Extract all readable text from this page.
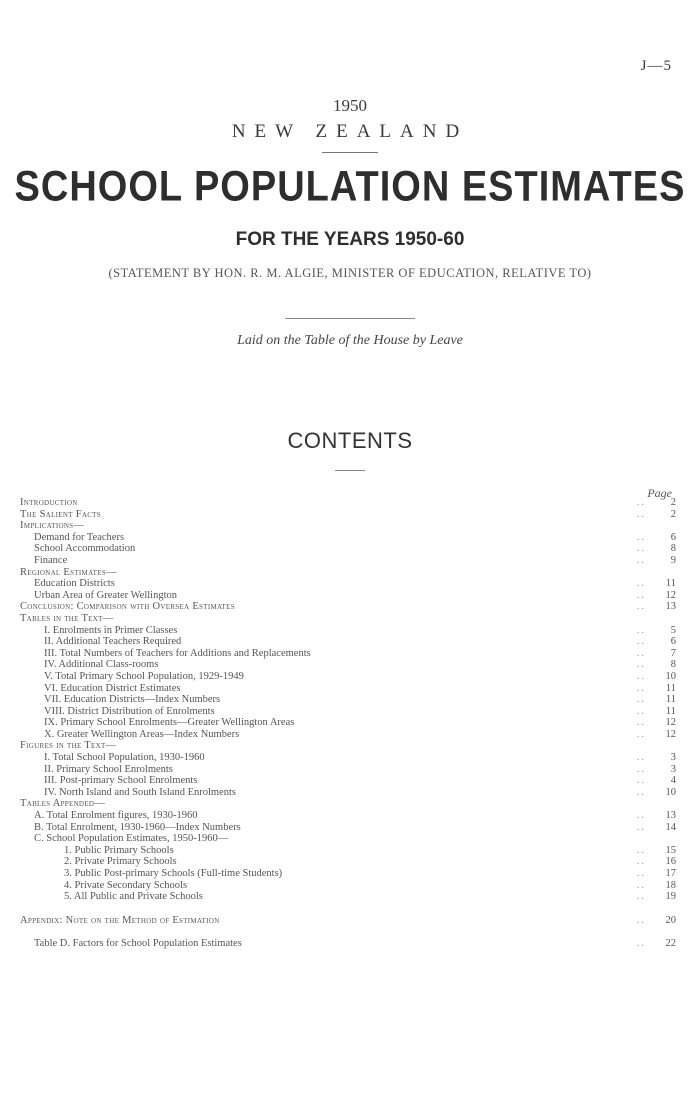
J—5
1950
NEW ZEALAND
SCHOOL POPULATION ESTIMATES
FOR THE YEARS 1950-60
(STATEMENT BY HON. R. M. ALGIE, MINISTER OF EDUCATION, RELATIVE TO)
Laid on the Table of the House by Leave
CONTENTS
Page
Introduction	..	2
The Salient Facts	..	2
Implications—
Demand for Teachers	..	6
School Accommodation	..	8
Finance	..	9
Regional Estimates—
Education Districts	..	11
Urban Area of Greater Wellington	..	12
Conclusion: Comparison with Oversea Estimates	..	13
Tables in the Text—
I. Enrolments in Primer Classes	..	5
II. Additional Teachers Required	..	6
III. Total Numbers of Teachers for Additions and Replacements	..	7
IV. Additional Class-rooms	..	8
V. Total Primary School Population, 1929-1949	..	10
VI. Education District Estimates	..	11
VII. Education Districts—Index Numbers	..	11
VIII. District Distribution of Enrolments	..	11
IX. Primary School Enrolments—Greater Wellington Areas	..	12
X. Greater Wellington Areas—Index Numbers	..	12
Figures in the Text—
I. Total School Population, 1930-1960	..	3
II. Primary School Enrolments	..	3
III. Post-primary School Enrolments	..	4
IV. North Island and South Island Enrolments	..	10
Tables Appended—
A. Total Enrolment figures, 1930-1960	..	13
B. Total Enrolment, 1930-1960—Index Numbers	..	14
C. School Population Estimates, 1950-1960—
1. Public Primary Schools	..	15
2. Private Primary Schools	..	16
3. Public Post-primary Schools (Full-time Students)	..	17
4. Private Secondary Schools	..	18
5. All Public and Private Schools	..	19
Appendix: Note on the Method of Estimation	..	20
Table D. Factors for School Population Estimates	..	22
